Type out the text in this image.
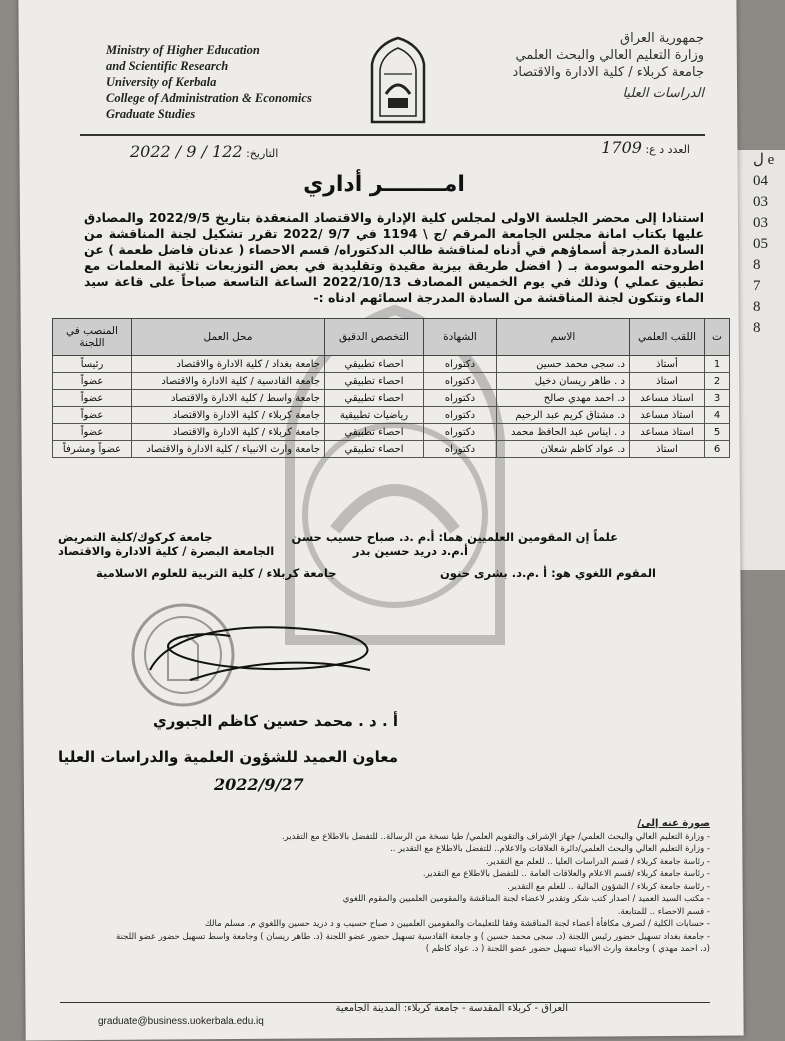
ل e
04
03
03
05
8
7
8
8
Ministry of Higher Education
and Scientific Research
University of Kerbala
College of Administration & Economics
Graduate Studies
جمهورية العراق
وزارة التعليم العالي والبحث العلمي
جامعة كربلاء / كلية الادارة والاقتصاد
الدراسات العليا
العدد د ع: 1709
التاريخ: 122 / 9 / 2022
امــــــــر أداري
استنادا إلى محضر الجلسة الاولى لمجلس كلية الإدارة والاقتصاد المنعقدة بتاريخ 2022/9/5 والمصادق عليها بكتاب امانة مجلس الجامعة المرقم /ج \ 1194 في 9/7 /2022 تقرر تشكيل لجنة المناقشة من السادة المدرجة أسماؤهم في أدناه لمناقشة طالب الدكتوراه/ قسم الاحصاء ( عدنان فاضل طعمة ) عن اطروحته الموسومة بـ ( افضل طريقة بيزية مقيدة وتقليدية في بعض التوزيعات ثلاثية المعلمات مع تطبيق عملي ) وذلك في يوم الخميس المصادف 2022/10/13 الساعة التاسعة صباحاً على قاعة سيد الماء وتتكون لجنة المناقشة من السادة المدرجة اسمائهم ادناه :-
ت	اللقب العلمي	الاسم	الشهادة	التخصص الدقيق	محل العمل	المنصب في اللجنة
1	أستاذ	د. سجى محمد حسين	دكتوراه	احصاء تطبيقي	جامعة بغداد / كلية الادارة والاقتصاد	رئيساً
2	استاذ	د . طاهر ريسان دخيل	دكتوراه	احصاء تطبيقي	جامعة القادسية / كلية الادارة والاقتصاد	عضواً
3	استاذ مساعد	د. احمد مهدي صالح	دكتوراه	احصاء تطبيقي	جامعة واسط / كلية الادارة والاقتصاد	عضواً
4	استاذ مساعد	د. مشتاق كريم عبد الرحيم	دكتوراه	رياضيات تطبيقية	جامعة كربلاء / كلية الادارة والاقتصاد	عضواً
5	استاذ مساعد	د . ايناس عبد الحافظ محمد	دكتوراه	احصاء تطبيقي	جامعة كربلاء / كلية الادارة والاقتصاد	عضواً
6	استاذ	د. عواد كاظم شعلان	دكتوراه	احصاء تطبيقي	جامعة وارث الانبياء / كلية الادارة والاقتصاد	عضواً ومشرفاً
علماً إن المقومين العلميين هما: أ.م .د. صباح حسيب حسن
جامعة كركوك/كلية التمريض
أ.م.د دريد حسين بدر
الجامعة البصرة / كلية الادارة والاقتصاد
المقوم اللغوي هو: أ .م.د. بشرى حنون
جامعة كربلاء / كلية التربية للعلوم الاسلامية
أ . د . محمد حسين كاظم الجبوري
معاون العميد للشؤون العلمية والدراسات العليا
2022/9/27
صورة عنه إلى/
- وزارة التعليم العالي والبحث العلمي/ جهاز الإشراف والتقويم العلمي/ طيا نسخة من الرسالة.. للتفضل بالاطلاع مع التقدير.
- وزارة التعليم العالي والبحث العلمي/دائرة العلاقات والاعلام.. للتفضل بالاطلاع مع التقدير ..
- رئاسة جامعة كربلاء / قسم الدراسات العليا .. للعلم مع التقدير.
- رئاسة جامعة كربلاء /قسم الاعلام والعلاقات العامة .. للتفضل بالاطلاع مع التقدير.
- رئاسة جامعة كربلاء / الشؤون المالية .. للعلم مع التقدير.
- مكتب السيد العميد / اصدار كتب شكر وتقدير لاعضاء لجنة المناقشة والمقومين العلميين والمقوم اللغوي
- قسم الاحصاء .. للمتابعة.
- حسابات الكلية / لصرف مكافأة أعضاء لجنة المناقشة وفقا للتعليمات والمقومين العلميين د صباح حسيب و د دريد حسين واللغوي م. مسلم مالك
- جامعة بغداد تسهيل حضور رئيس اللجنة (د. سجى محمد حسين ) و جامعة القادسية تسهيل حضور عضو اللجنة (د. طاهر ريسان ) وجامعة واسط تسهيل حضور عضو اللجنة
(د. احمد مهدي ) وجامعة وارث الانبياء تسهيل حضور عضو اللجنة ( د. عواد كاظم )
العراق - كربلاء المقدسة - جامعة كربلاء: المدينة الجامعية
graduate@business.uokerbala.edu.iq
